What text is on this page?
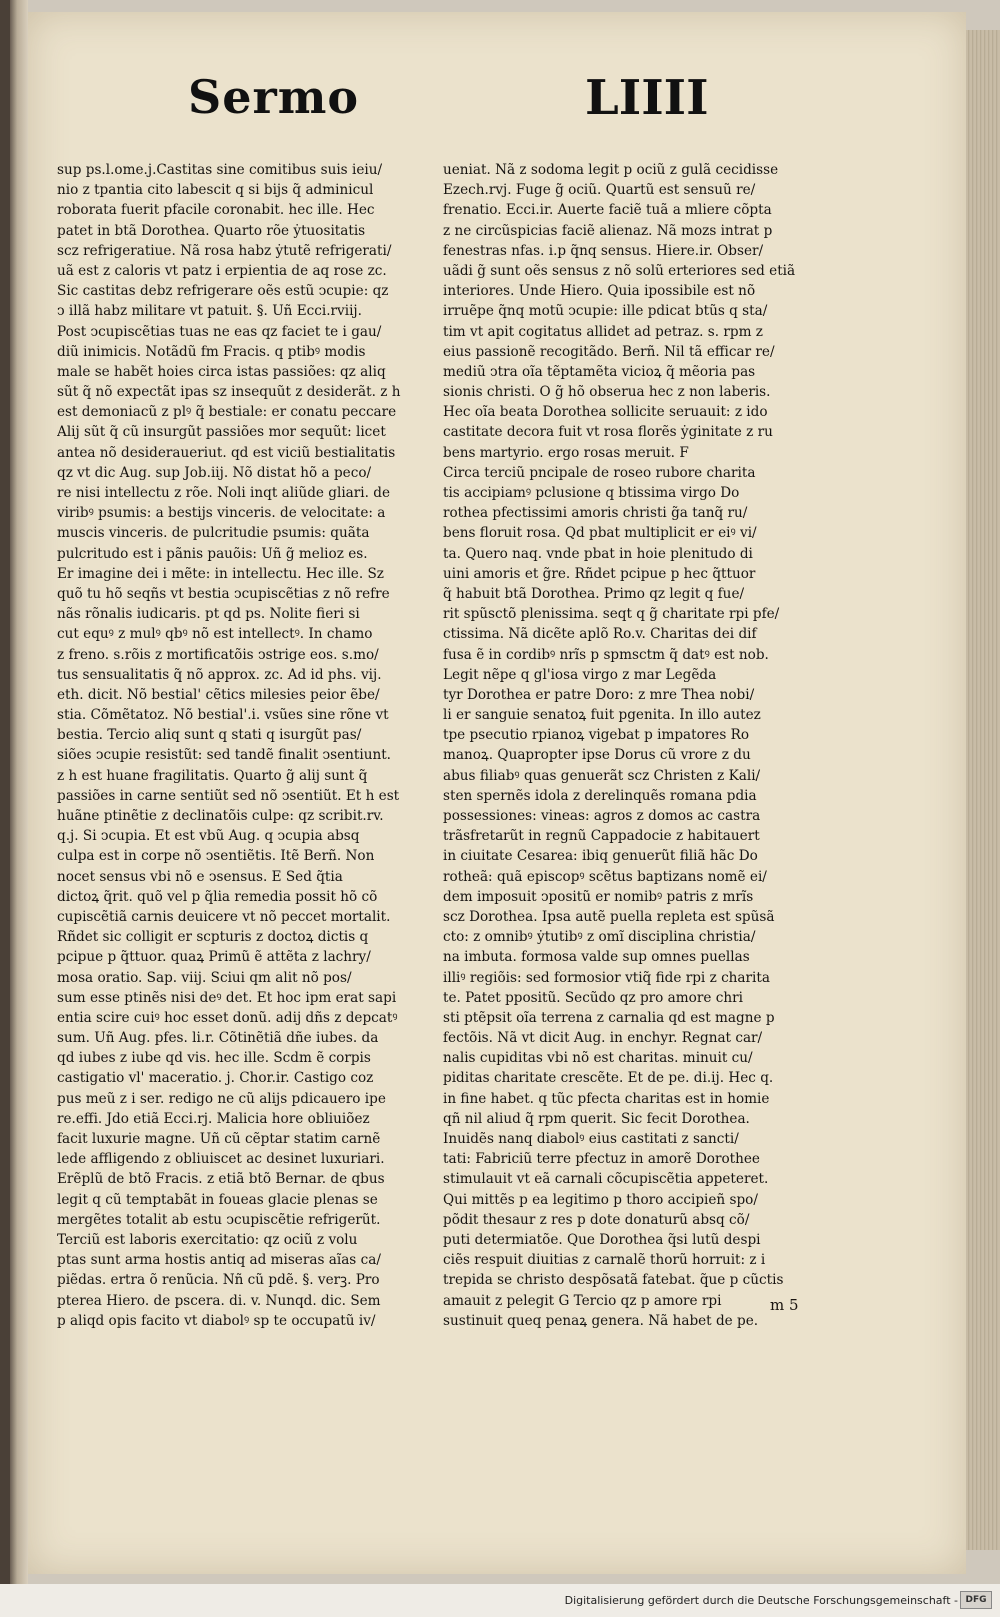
Sermo	LIIII
sup ps.l.ome.j.Castitas sine comitibus suis ieiu/
nio z tpantia cito labescit q si bijs q̃ adminicul
roborata fuerit pfacile coronabit. hec ille. Hec
patet in btã Dorothea. Quarto rõe ẏtuositatis
scz refrigeratiue. Nã rosa habz ẏtutẽ refrigerati/
uã est z caloris vt patz i erpientia de aq rose zc.
Sic castitas debz refrigerare oẽs estũ ↄcupie: qz
ↄ illã habz militare vt patuit. §. Uñ Ecci.rviij.
Post ↄcupiscẽtias tuas ne eas qz faciet te i gau/
diũ inimicis. Notãdũ fm Fracis. q ptibꝰ modis
male se habẽt hoies circa istas passiões: qz aliq
sũt q̃ nõ expectãt ipas sz insequũt z desiderãt. z h
est demoniacũ z plꝰ q̃ bestiale: er conatu peccare
Alij sũt q̃ cũ insurgũt passiões mor sequũt: licet
antea nõ desideraueriut. qd est viciũ bestialitatis
qz vt dic Aug. sup Job.iij. Nõ distat hõ a peco/
re nisi intellectu z rõe. Noli inqt aliũde gliari. de
viribꝰ psumis: a bestijs vinceris. de velocitate: a
muscis vinceris. de pulcritudie psumis: quãta
pulcritudo est i pãnis pauõis: Uñ g̃ melioz es.
Er imagine dei i mẽte: in intellectu. Hec ille. Sz
quõ tu hõ seqñs vt bestia ↄcupiscẽtias z nõ refre
nãs rõnalis iudicaris. pt qd ps. Nolite fieri si
cut equꝰ z mulꝰ qbꝰ nõ est intellectꝰ. In chamo
z freno. s.rõis z mortificatõis ↄstrige eos. s.mo/
tus sensualitatis q̃ nõ approx. zc. Ad id phs. vij.
eth. dicit. Nõ bestial' cẽtics milesies peior ẽbe/
stia. Cõmẽtatoz. Nõ bestial'.i. vsũes sine rõne vt
bestia. Tercio aliq sunt q stati q isurgũt pas/
siões ↄcupie resistũt: sed tandẽ finalit ↄsentiunt.
z h est huane fragilitatis. Quarto g̃ alij sunt q̃
passiões in carne sentiũt sed nõ ↄsentiũt. Et h est
huãne ptinẽtie z declinatõis culpe: qz scribit.rv.
q.j. Si ↄcupia. Et est vbũ Aug. q ↄcupia absq
culpa est in corpe nõ ↄsentiẽtis. Itẽ Berñ. Non
nocet sensus vbi nõ e ↄsensus. E Sed q̃tia
dictoꝝ q̃rit. quõ vel p q̃lia remedia possit hõ cõ
cupiscẽtiã carnis deuicere vt nõ peccet mortalit.
Rñdet sic colligit er scpturis z doctoꝝ dictis q
pcipue p q̃ttuor. quaꝝ Primũ ẽ attẽta z lachry/
mosa oratio. Sap. viij. Sciui qm alit nõ pos/
sum esse ptinẽs nisi deꝰ det. Et hoc ipm erat sapi
entia scire cuiꝰ hoc esset donũ. adij dñs z depcatꝰ
sum. Uñ Aug. pfes. li.r. Cõtinẽtiã dñe iubes. da
qd iubes z iube qd vis. hec ille. Scdm ẽ corpis
castigatio vl' maceratio. j. Chor.ir. Castigo coz
pus meũ z i ser. redigo ne cũ alijs pdicauero ipe
re.effi. Jdo etiã Ecci.rj. Malicia hore obliuiõez
facit luxurie magne. Uñ cũ cẽptar statim carnẽ
lede affligendo z obliuiscet ac desinet luxuriari.
Erẽplũ de btõ Fracis. z etiã btõ Bernar. de qbus
legit q cũ temptabãt in foueas glacie plenas se
mergẽtes totalit ab estu ↄcupiscẽtie refrigerũt.
Terciũ est laboris exercitatio: qz ociũ z volu
ptas sunt arma hostis antiq ad miseras aĩas ca/
piẽdas. ertra õ renũcia. Nñ cũ pdẽ. §. verꝫ. Pro
pterea Hiero. de pscera. di. v. Nunqd. dic. Sem
p aliqd opis facito vt diabolꝰ sp te occupatũ iv/
ueniat. Nã z sodoma legit p ociũ z gulã cecidisse
Ezech.rvj. Fuge g̃ ociũ. Quartũ est sensuũ re/
frenatio. Ecci.ir. Auerte faciẽ tuã a mliere cõpta
z ne circũspicias faciẽ alienaz. Nã mozs intrat p
fenestras nfas. i.p q̃nq sensus. Hiere.ir. Obser/
uãdi g̃ sunt oẽs sensus z nõ solũ erteriores sed etiã
interiores. Unde Hiero. Quia ipossibile est nõ
irruẽpe q̃nq motũ ↄcupie: ille pdicat btũs q sta/
tim vt apit cogitatus allidet ad petraz. s. rpm z
eius passionẽ recogitãdo. Berñ. Nil tã efficar re/
mediũ ↄtra oĩa tẽptamẽta vicioꝝ q̃ mẽoria pas
sionis christi. O g̃ hõ obserua hec z non laberis.
Hec oĩa beata Dorothea sollicite seruauit: z ido
castitate decora fuit vt rosa florẽs ẏginitate z ru
bens martyrio. ergo rosas meruit. F
Circa terciũ pncipale de roseo rubore charita
tis accipiamꝰ pclusione q btissima virgo Do
rothea pfectissimi amoris christi g̃a tanq̃ ru/
bens floruit rosa. Qd pbat multiplicit er eiꝰ vi/
ta. Quero naq. vnde pbat in hoie plenitudo di
uini amoris et g̃re. Rñdet pcipue p hec q̃ttuor
q̃ habuit btã Dorothea. Primo qz legit q fue/
rit spũsctõ plenissima. seqt q g̃ charitate rpi pfe/
ctissima. Nã dicẽte aplõ Ro.v. Charitas dei dif
fusa ẽ in cordibꝰ nrĩs p spmsctm q̃ datꝰ est nob.
Legit nẽpe q gl'iosa virgo z mar Legẽda
tyr Dorothea er patre Doro: z mre Thea nobi/
li er sanguie senatoꝝ fuit pgenita. In illo autez
tpe psecutio rpianoꝝ vigebat p impatores Ro
manoꝝ. Quapropter ipse Dorus cũ vrore z du
abus filiabꝰ quas genuerãt scz Christen z Kali/
sten spernẽs idola z derelinquẽs romana pdia
possessiones: vineas: agros z domos ac castra
trãsfretarũt in regnũ Cappadocie z habitauert
in ciuitate Cesarea: ibiq genuerũt filiã hãc Do
rotheã: quã episcopꝰ scẽtus baptizans nomẽ ei/
dem imposuit ↄpositũ er nomibꝰ patris z mrĩs
scz Dorothea. Ipsa autẽ puella repleta est spũsã
cto: z omnibꝰ ẏtutibꝰ z omĩ disciplina christia/
na imbuta. formosa valde sup omnes puellas
illiꝰ regiõis: sed formosior vtiq̃ fide rpi z charita
te. Patet ppositũ. Secũdo qz pro amore chri
sti ptẽpsit oĩa terrena z carnalia qd est magne p
fectõis. Nã vt dicit Aug. in enchyr. Regnat car/
nalis cupiditas vbi nõ est charitas. minuit cu/
piditas charitate crescẽte. Et de pe. di.ij. Hec q.
in fine habet. q tũc pfecta charitas est in homie
qñ nil aliud q̃ rpm querit. Sic fecit Dorothea.
Inuidẽs nanq diabolꝰ eius castitati z sancti/
tati: Fabriciũ terre pfectuz in amorẽ Dorothee
stimulauit vt eã carnali cõcupiscẽtia appeteret.
Qui mittẽs p ea legitimo p thoro accipieñ spo/
põdit thesaur z res p dote donaturũ absq cõ/
puti determiatõe. Que Dorothea q̃si lutũ despi
ciẽs respuit diuitias z carnalẽ thorũ horruit: z i
trepida se christo despõsatã fatebat. q̃ue p cũctis
amauit z pelegit G Tercio qz p amore rpi
sustinuit queq penaꝝ genera. Nã habet de pe.
m 5
Digitalisierung gefördert durch die Deutsche Forschungsgemeinschaft - DFG
